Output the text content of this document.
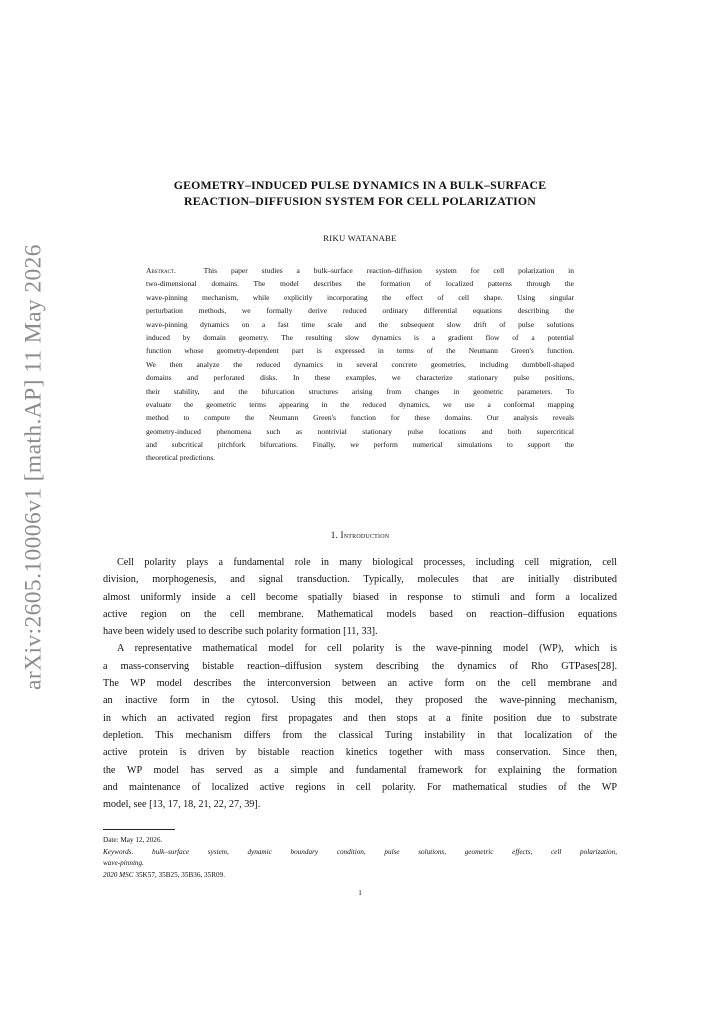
arXiv:2605.10006v1 [math.AP] 11 May 2026
GEOMETRY–INDUCED PULSE DYNAMICS IN A BULK–SURFACE
REACTION–DIFFUSION SYSTEM FOR CELL POLARIZATION
RIKU WATANABE
Abstract.	This paper studies a bulk–surface reaction–diffusion system for cell polarization in
two-dimensional domains. The model describes the formation of localized patterns through the
wave-pinning mechanism, while explicitly incorporating the effect of cell shape. Using singular
perturbation methods, we formally derive reduced ordinary differential equations describing the
wave-pinning dynamics on a fast time scale and the subsequent slow drift of pulse solutions
induced by domain geometry. The resulting slow dynamics is a gradient flow of a potential
function whose geometry-dependent part is expressed in terms of the Neumann Green's function.
We then analyze the reduced dynamics in several concrete geometries, including dumbbell-shaped
domains and perforated disks. In these examples, we characterize stationary pulse positions,
their stability, and the bifurcation structures arising from changes in geometric parameters. To
evaluate the geometric terms appearing in the reduced dynamics, we use a conformal mapping
method to compute the Neumann Green's function for these domains. Our analysis reveals
geometry-induced phenomena such as nontrivial stationary pulse locations and both supercritical
and subcritical pitchfork bifurcations. Finally, we perform numerical simulations to support the
theoretical predictions.
1. Introduction
Cell polarity plays a fundamental role in many biological processes, including cell migration, cell
division, morphogenesis, and signal transduction. Typically, molecules that are initially distributed
almost uniformly inside a cell become spatially biased in response to stimuli and form a localized
active region on the cell membrane. Mathematical models based on reaction–diffusion equations
have been widely used to describe such polarity formation [11, 33].
A representative mathematical model for cell polarity is the wave-pinning model (WP), which is
a mass-conserving bistable reaction–diffusion system describing the dynamics of Rho GTPases[28].
The WP model describes the interconversion between an active form on the cell membrane and
an inactive form in the cytosol. Using this model, they proposed the wave-pinning mechanism,
in which an activated region first propagates and then stops at a finite position due to substrate
depletion. This mechanism differs from the classical Turing instability in that localization of the
active protein is driven by bistable reaction kinetics together with mass conservation. Since then,
the WP model has served as a simple and fundamental framework for explaining the formation
and maintenance of localized active regions in cell polarity. For mathematical studies of the WP
model, see [13, 17, 18, 21, 22, 27, 39].
Date: May 12, 2026.
Keywords.	bulk–surface system, dynamic boundary condition, pulse solutions, geometric effects, cell polarization,
wave-pinning.
2020 MSC 35K57, 35B25, 35B36, 35R09.
1
